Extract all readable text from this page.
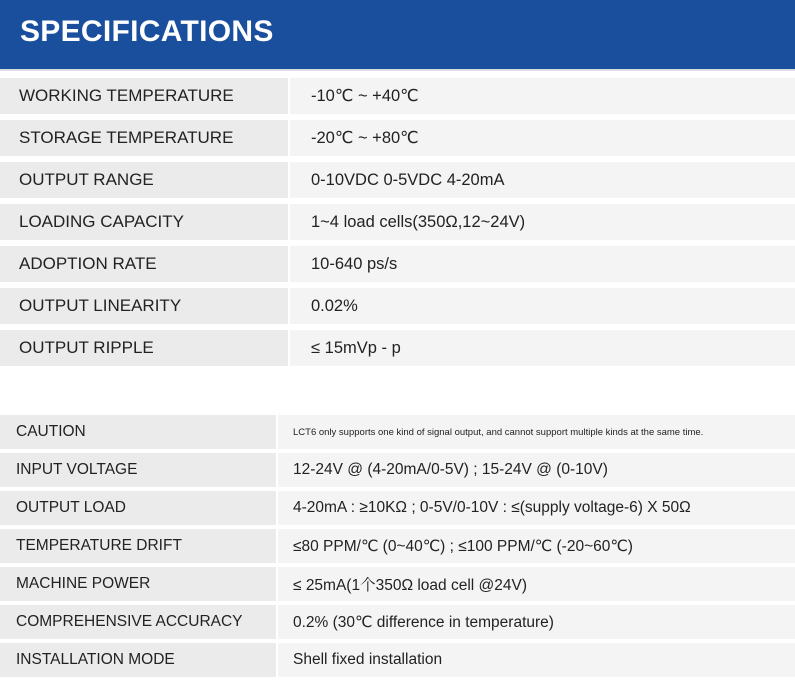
SPECIFICATIONS
WORKING TEMPERATURE	-10℃ ~ +40℃
STORAGE TEMPERATURE	-20℃ ~ +80℃
OUTPUT RANGE	0-10VDC 0-5VDC 4-20mA
LOADING CAPACITY	1~4 load cells(350Ω,12~24V)
ADOPTION RATE	10-640 ps/s
OUTPUT LINEARITY	0.02%
OUTPUT RIPPLE	≤ 15mVp - p
CAUTION	LCT6 only supports one kind of signal output, and cannot support multiple kinds at the same time.
INPUT VOLTAGE	12-24V @ (4-20mA/0-5V) ; 15-24V @ (0-10V)
OUTPUT LOAD	4-20mA : ≥10KΩ ; 0-5V/0-10V : ≤(supply voltage-6) X 50Ω
TEMPERATURE DRIFT	≤80 PPM/℃ (0~40℃) ; ≤100 PPM/℃ (-20~60℃)
MACHINE POWER	≤ 25mA(1个350Ω load cell @24V)
COMPREHENSIVE ACCURACY	0.2% (30℃ difference in temperature)
INSTALLATION MODE	Shell fixed installation
